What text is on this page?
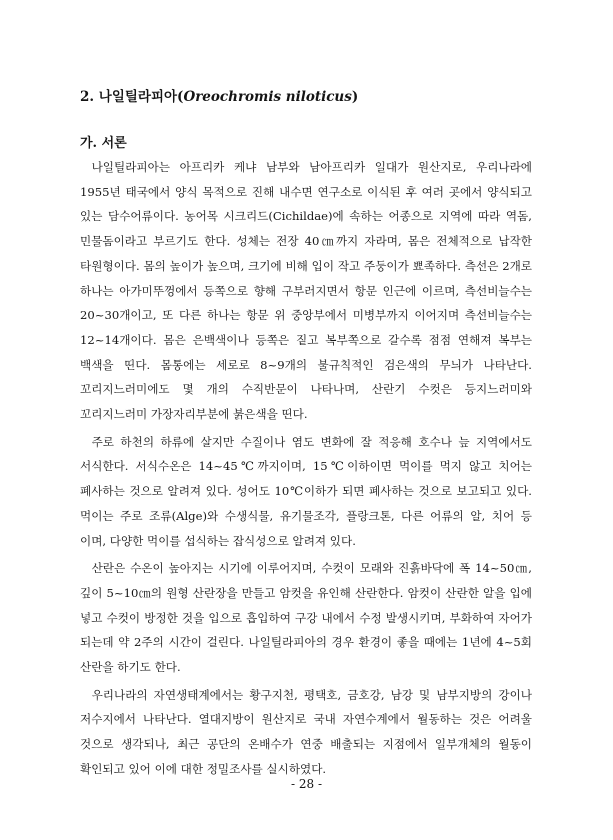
2. 나일틸라피아(Oreochromis niloticus)
가. 서론

나일틸라피아는 아프리카 케냐 남부와 남아프리카 일대가 원산지로, 우리나라에 1955년 태국에서 양식 목적으로 진해 내수면 연구소로 이식된 후 여러 곳에서 양식되고 있는 담수어류이다. 농어목 시크리드(Cichildae)에 속하는 어종으로 지역에 따라 역돔, 민물돔이라고 부르기도 한다. 성체는 전장 40㎝까지 자라며, 몸은 전체적으로 납작한 타원형이다. 몸의 높이가 높으며, 크기에 비해 입이 작고 주둥이가 뾰족하다. 측선은 2개로 하나는 아가미뚜껑에서 등쪽으로 향해 구부러지면서 항문 인근에 이르며, 측선비늘수는 20~30개이고, 또 다른 하나는 항문 위 중앙부에서 미병부까지 이어지며 측선비늘수는 12~14개이다. 몸은 은백색이나 등쪽은 짙고 복부쪽으로 갈수록 점점 연해져 복부는 백색을 띤다. 몸통에는 세로로 8~9개의 불규칙적인 검은색의 무늬가 나타난다. 꼬리지느러미에도 몇 개의 수직반문이 나타나며, 산란기 수컷은 등지느러미와 꼬리지느러미 가장자리부분에 붉은색을 띤다.

주로 하천의 하류에 살지만 수질이나 염도 변화에 잘 적응해 호수나 늪 지역에서도 서식한다. 서식수온은 14~45℃까지이며, 15℃이하이면 먹이를 먹지 않고 치어는 폐사하는 것으로 알려져 있다. 성어도 10℃이하가 되면 폐사하는 것으로 보고되고 있다. 먹이는 주로 조류(Alge)와 수생식물, 유기물조각, 플랑크톤, 다른 어류의 알, 치어 등 이며, 다양한 먹이를 섭식하는 잡식성으로 알려져 있다.

산란은 수온이 높아지는 시기에 이루어지며, 수컷이 모래와 진흙바닥에 폭 14~50㎝, 깊이 5~10㎝의 원형 산란장을 만들고 암컷을 유인해 산란한다. 암컷이 산란한 알을 입에 넣고 수컷이 방정한 것을 입으로 흡입하여 구강 내에서 수정 발생시키며, 부화하여 자어가 되는데 약 2주의 시간이 걸린다. 나일틸라피아의 경우 환경이 좋을 때에는 1년에 4~5회 산란을 하기도 한다.

우리나라의 자연생태계에서는 황구지천, 평택호, 금호강, 남강 및 남부지방의 강이나 저수지에서 나타난다. 열대지방이 원산지로 국내 자연수계에서 월동하는 것은 어려울 것으로 생각되나, 최근 공단의 온배수가 연중 배출되는 지점에서 일부개체의 월동이 확인되고 있어 이에 대한 정밀조사를 실시하였다.

- 28 -
